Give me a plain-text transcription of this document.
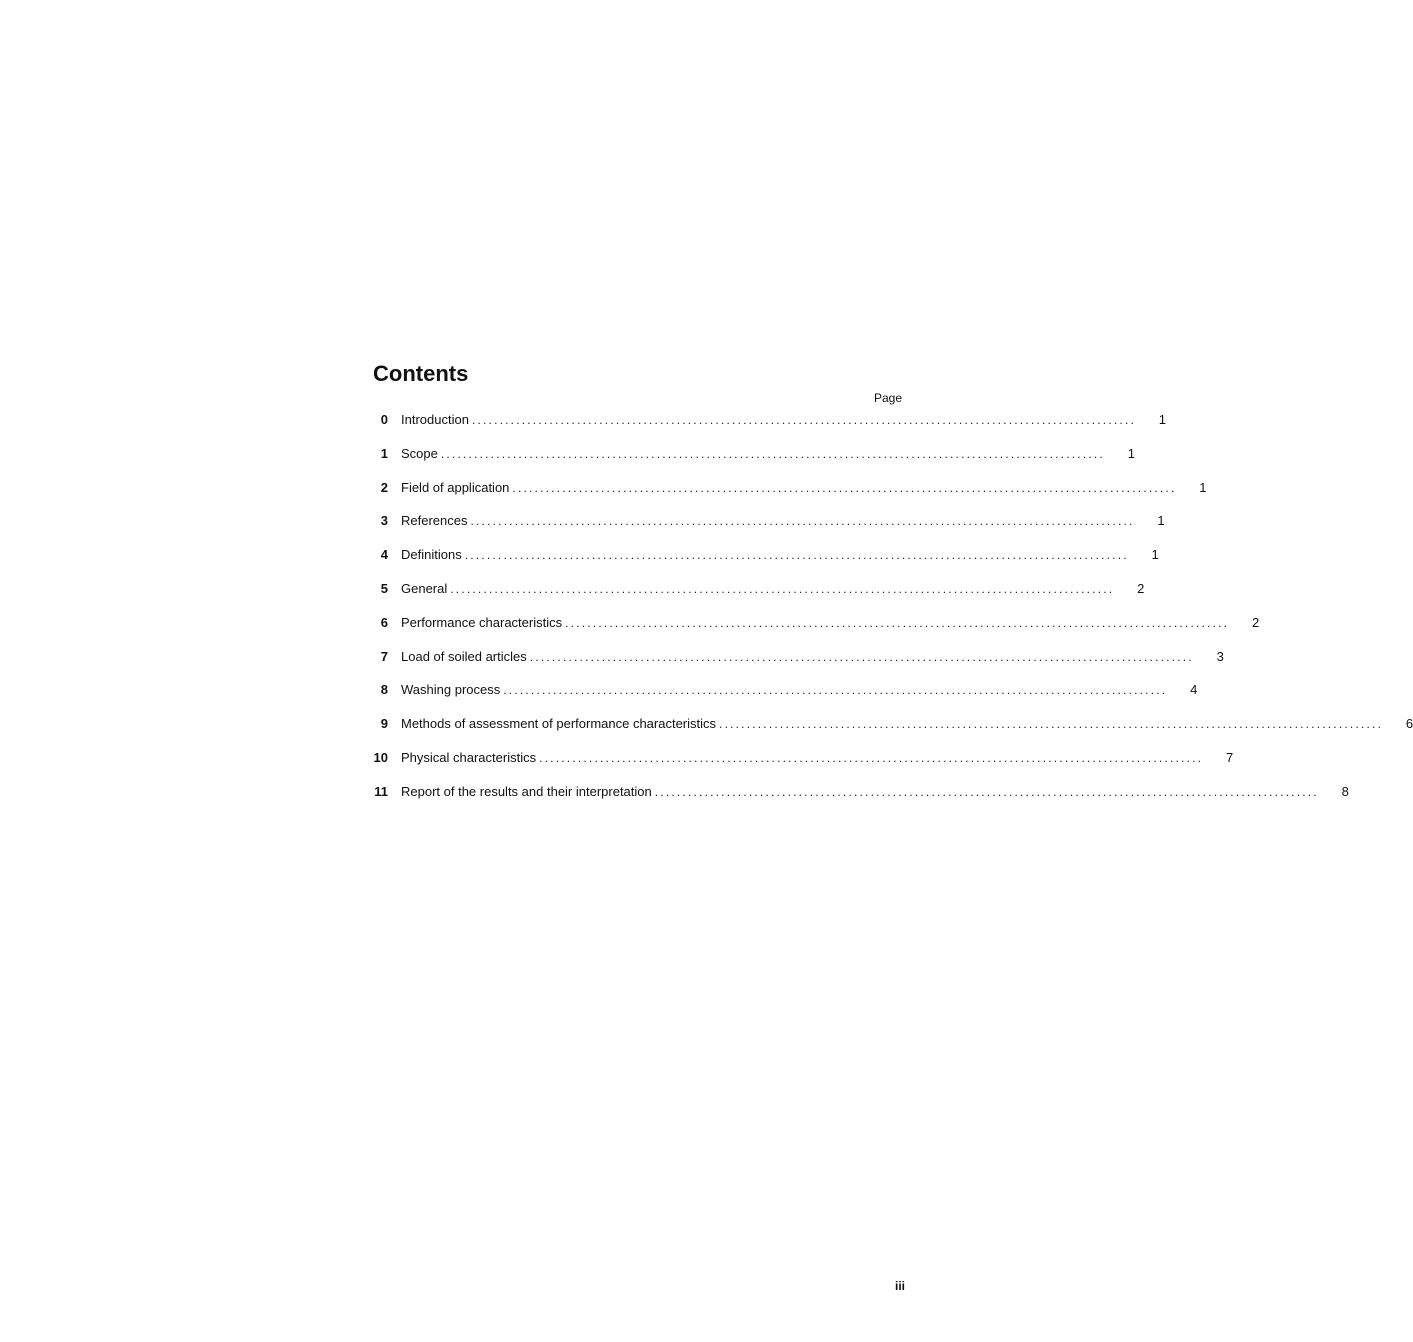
Contents
Page
0 Introduction ........................................................................................................................	1
1 Scope ........................................................................................................................	1
2 Field of application ........................................................................................................................	1
3 References ........................................................................................................................	1
4 Definitions ........................................................................................................................	1
5 General ........................................................................................................................	2
6 Performance characteristics ........................................................................................................................	2
7 Load of soiled articles ........................................................................................................................	3
8 Washing process ........................................................................................................................	4
9 Methods of assessment of performance characteristics ........................................................................................................................	6
10 Physical characteristics ........................................................................................................................	7
11 Report of the results and their interpretation ........................................................................................................................	8
iii
